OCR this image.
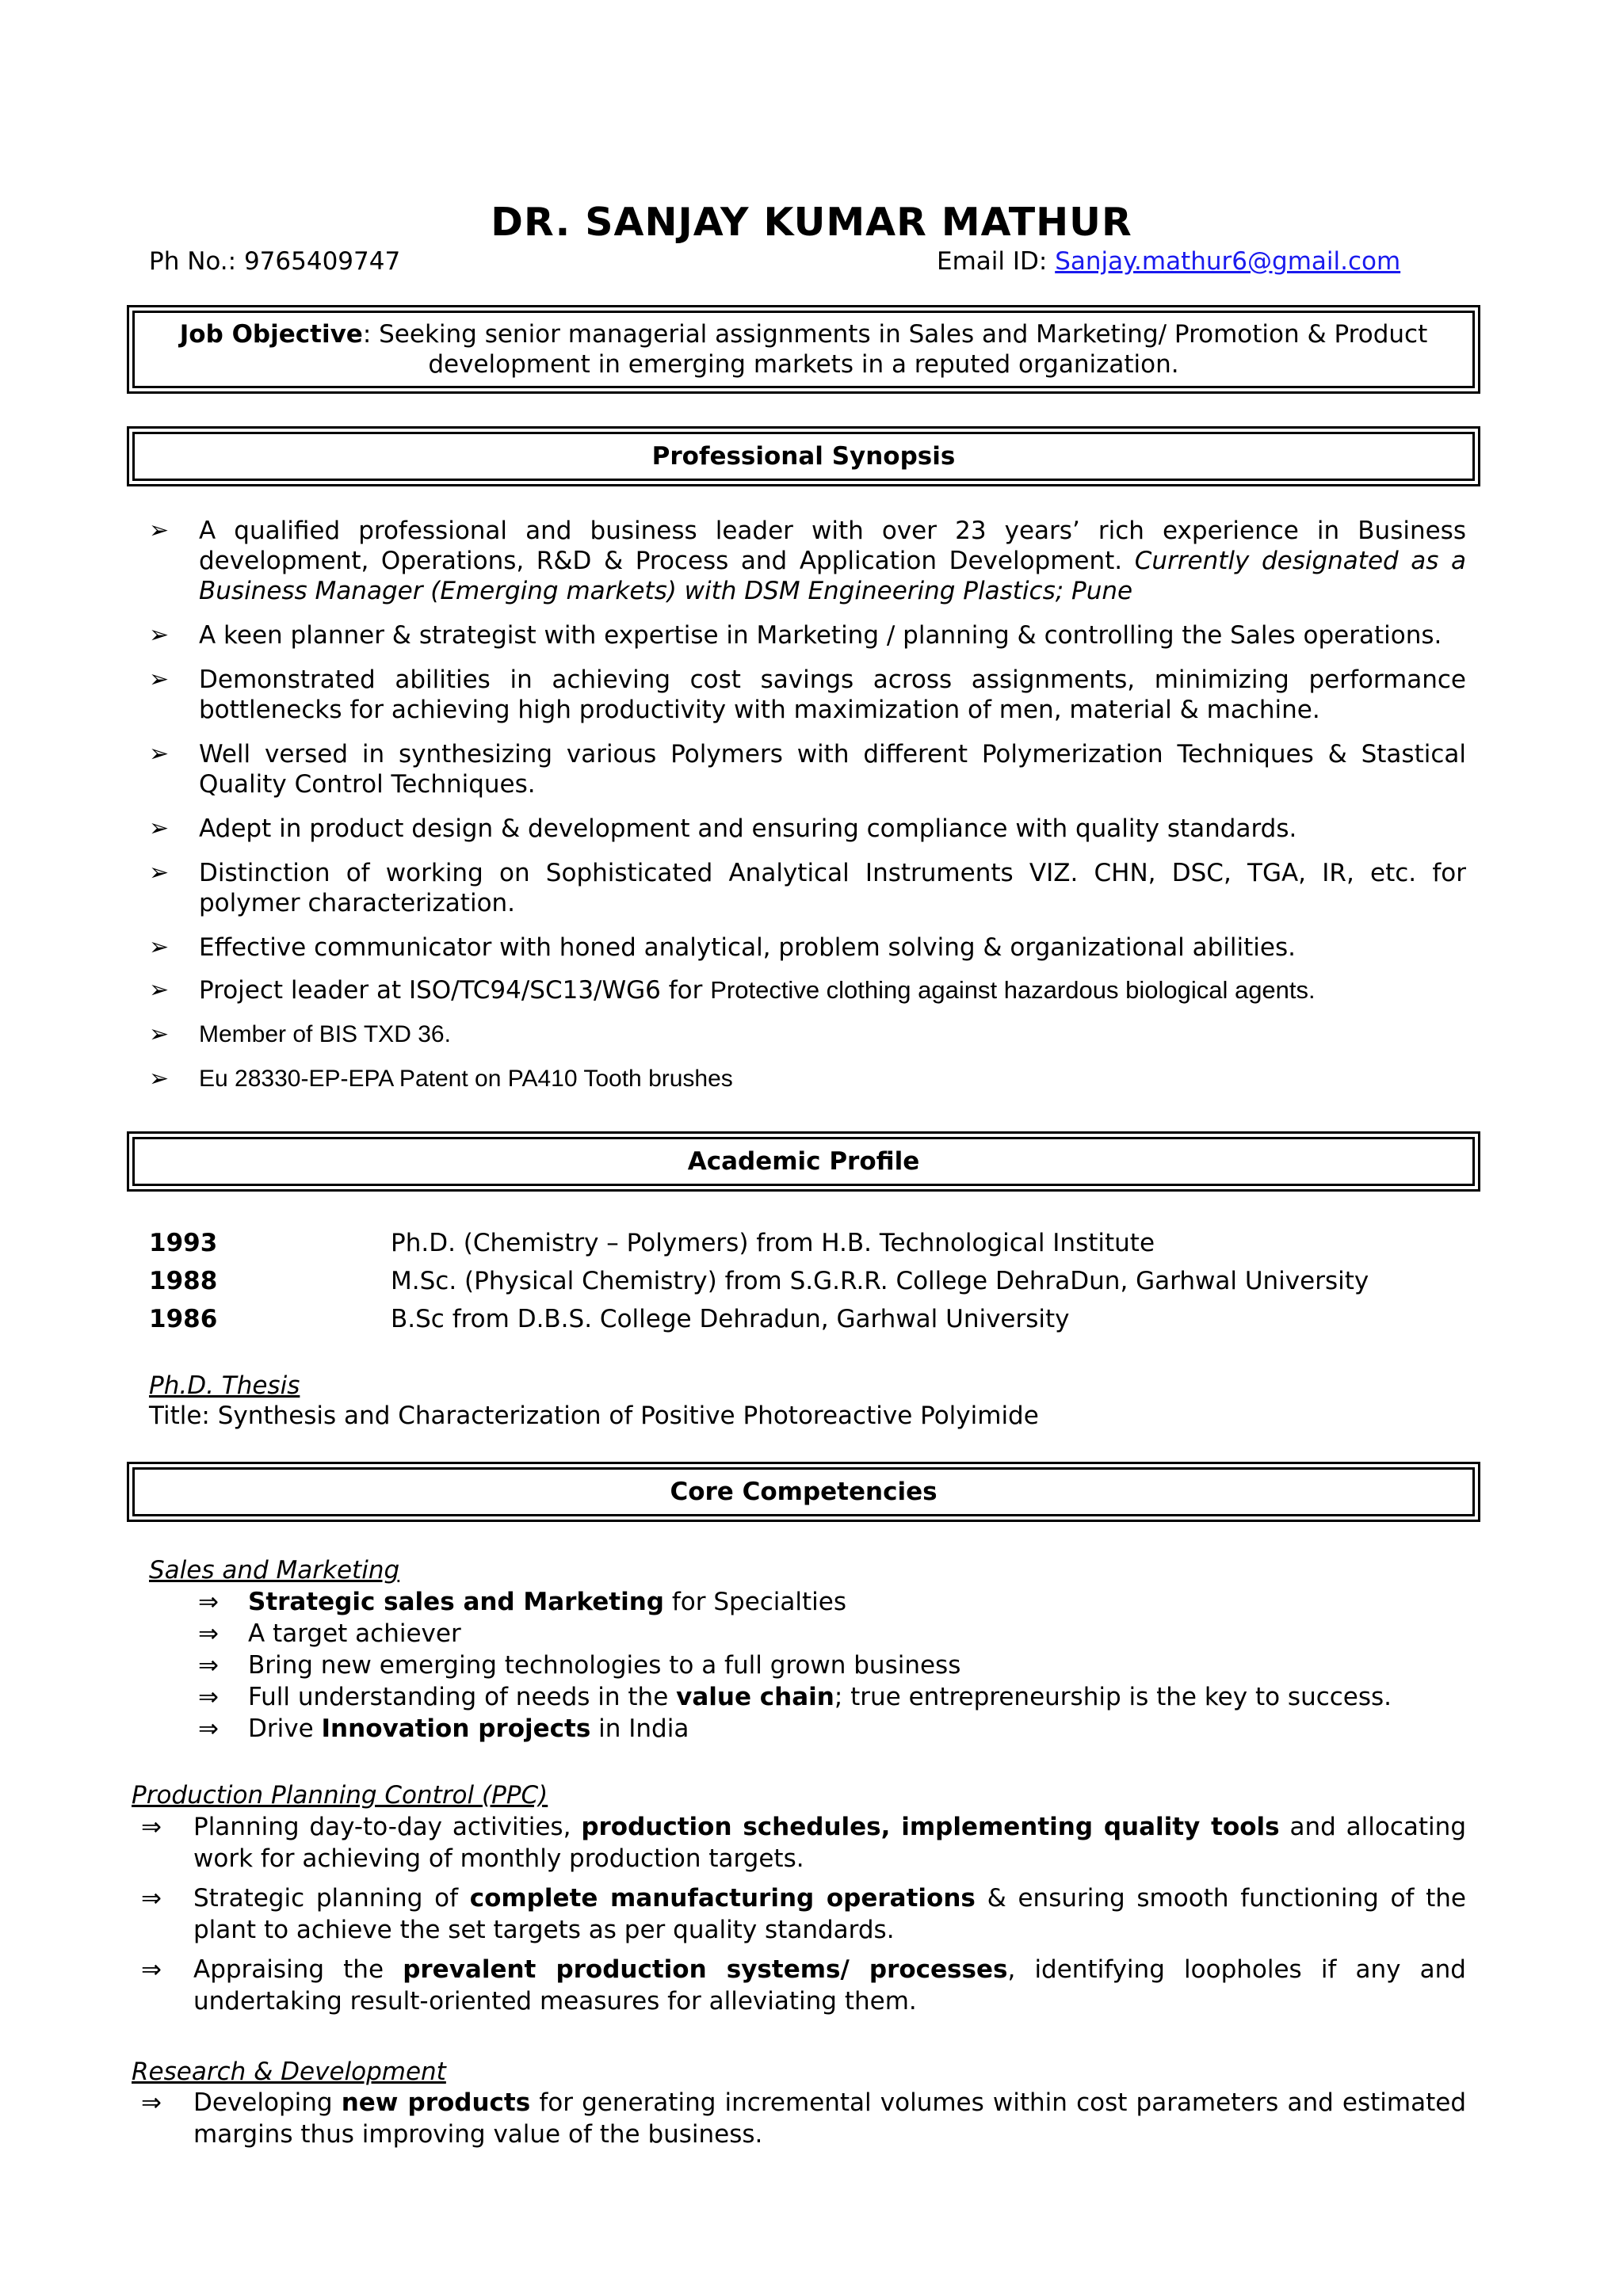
DR. SANJAY KUMAR MATHUR
Ph No.: 9765409747	Email ID: Sanjay.mathur6@gmail.com
Job Objective: Seeking senior managerial assignments in Sales and Marketing/ Promotion & Product development in emerging markets in a reputed organization.
Professional Synopsis
➢ A qualified professional and business leader with over 23 years’ rich experience in Business development, Operations, R&D & Process and Application Development. Currently designated as a Business Manager (Emerging markets) with DSM Engineering Plastics; Pune
➢ A keen planner & strategist with expertise in Marketing / planning & controlling the Sales operations.
➢ Demonstrated abilities in achieving cost savings across assignments, minimizing performance bottlenecks for achieving high productivity with maximization of men, material & machine.
➢ Well versed in synthesizing various Polymers with different Polymerization Techniques & Stastical Quality Control Techniques.
➢ Adept in product design & development and ensuring compliance with quality standards.
➢ Distinction of working on Sophisticated Analytical Instruments VIZ. CHN, DSC, TGA, IR, etc. for polymer characterization.
➢ Effective communicator with honed analytical, problem solving & organizational abilities.
➢ Project leader at ISO/TC94/SC13/WG6 for Protective clothing against hazardous biological agents.
➢ Member of BIS TXD 36.
➢ Eu 28330-EP-EPA Patent on PA410 Tooth brushes
Academic Profile
1993	Ph.D. (Chemistry – Polymers) from H.B. Technological Institute
1988	M.Sc. (Physical Chemistry) from S.G.R.R. College DehraDun, Garhwal University
1986	B.Sc from D.B.S. College Dehradun, Garhwal University
Ph.D. Thesis
Title: Synthesis and Characterization of Positive Photoreactive Polyimide
Core Competencies
Sales and Marketing
⇒ Strategic sales and Marketing for Specialties
⇒ A target achiever
⇒ Bring new emerging technologies to a full grown business
⇒ Full understanding of needs in the value chain; true entrepreneurship is the key to success.
⇒ Drive Innovation projects in India
Production Planning Control (PPC)
⇒ Planning day-to-day activities, production schedules, implementing quality tools and allocating work for achieving of monthly production targets.
⇒ Strategic planning of complete manufacturing operations & ensuring smooth functioning of the plant to achieve the set targets as per quality standards.
⇒ Appraising the prevalent production systems/ processes, identifying loopholes if any and undertaking result-oriented measures for alleviating them.
Research & Development
⇒ Developing new products for generating incremental volumes within cost parameters and estimated margins thus improving value of the business.
